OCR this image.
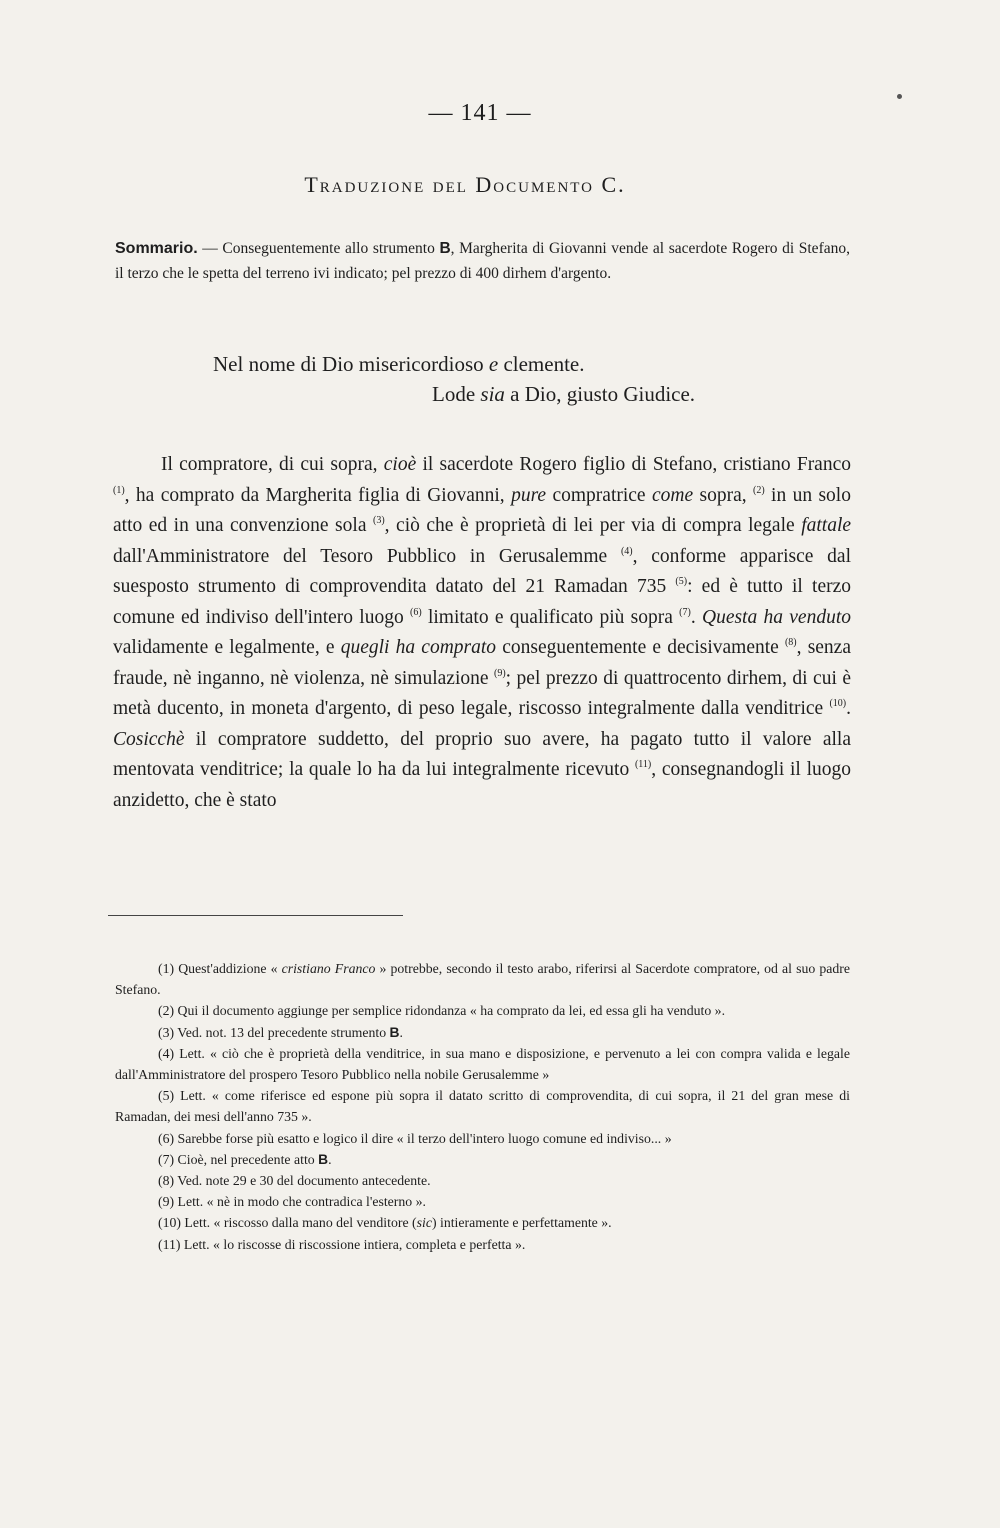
— 141 —
Traduzione del Documento C.
Sommario. — Conseguentemente allo strumento B, Margherita di Giovanni vende al sacerdote Rogero di Stefano, il terzo che le spetta del terreno ivi indicato; pel prezzo di 400 dirhem d'argento.
Nel nome di Dio misericordioso e clemente.
Lode sia a Dio, giusto Giudice.

Il compratore, di cui sopra, cioè il sacerdote Rogero figlio di Stefano, cristiano Franco $^{(1)}$, ha comprato da Margherita figlia di Giovanni, pure compratrice come sopra, $^{(2)}$ in un solo atto ed in una convenzione sola $^{(3)}$, ciò che è proprietà di lei per via di compra legale fattale dall'Amministratore del Tesoro Pubblico in Gerusalemme $^{(4)}$, conforme apparisce dal suesposto strumento di comprovendita datato del 21 Ramadan 735 $^{(5)}$: ed è tutto il terzo comune ed indiviso dell'intero luogo $^{(6)}$ limitato e qualificato più sopra $^{(7)}$. Questa ha venduto validamente e legalmente, e quegli ha comprato conseguentemente e decisivamente $^{(8)}$, senza fraude, nè inganno, nè violenza, nè simulazione $^{(9)}$; pel prezzo di quattrocento dirhem, di cui è metà ducento, in moneta d'argento, di peso legale, riscosso integralmente dalla venditrice $^{(10)}$. Cosicchè il compratore suddetto, del proprio suo avere, ha pagato tutto il valore alla mentovata venditrice; la quale lo ha da lui integralmente ricevuto $^{(11)}$, consegnandogli il luogo anzidetto, che è stato

(1) Quest'addizione « cristiano Franco » potrebbe, secondo il testo arabo, riferirsi al Sacerdote compratore, od al suo padre Stefano.

(2) Qui il documento aggiunge per semplice ridondanza « ha comprato da lei, ed essa gli ha venduto ».

(3) Ved. not. 13 del precedente strumento B.

(4) Lett. « ciò che è proprietà della venditrice, in sua mano e disposizione, e pervenuto a lei con compra valida e legale dall'Amministratore del prospero Tesoro Pubblico nella nobile Gerusalemme »

(5) Lett. « come riferisce ed espone più sopra il datato scritto di comprovendita, di cui sopra, il 21 del gran mese di Ramadan, dei mesi dell'anno 735 ».

(6) Sarebbe forse più esatto e logico il dire « il terzo dell'intero luogo comune ed indiviso... »

(7) Cioè, nel precedente atto B.

(8) Ved. note 29 e 30 del documento antecedente.

(9) Lett. « nè in modo che contradica l'esterno ».

(10) Lett. « riscosso dalla mano del venditore (sic) intieramente e perfettamente ».

(11) Lett. « lo riscosse di riscossione intiera, completa e perfetta ».
